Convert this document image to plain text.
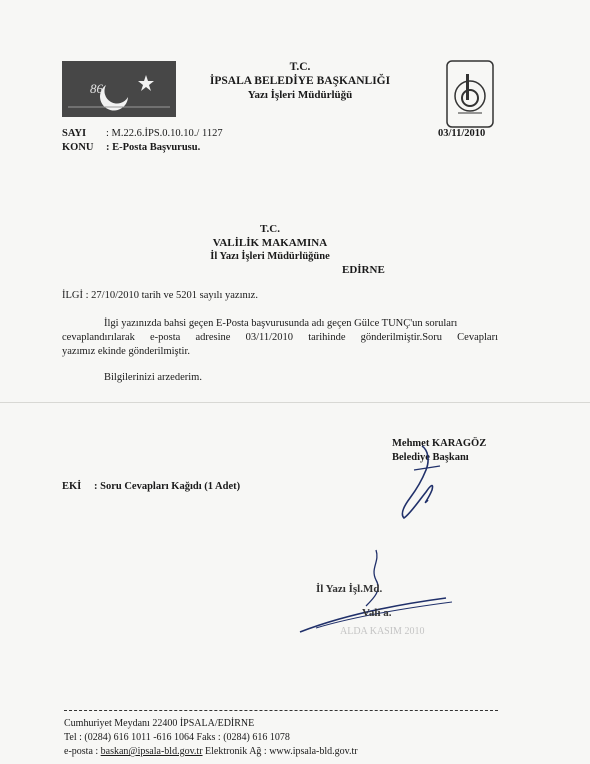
86
T.C.
İPSALA BELEDİYE BAŞKANLIĞI
Yazı İşleri Müdürlüğü
SAYI : M.22.6.İPS.0.10.10./ 1127
KONU : E-Posta Başvurusu.
03/11/2010
T.C.
VALİLİK MAKAMINA
İl Yazı İşleri Müdürlüğüne
EDİRNE
İLGİ : 27/10/2010 tarih ve 5201 sayılı yazınız.
İlgi yazınızda bahsi geçen E-Posta başvurusunda adı geçen Gülce TUNÇ'un soruları
cevaplandırılarak e-posta adresine 03/11/2010 tarihinde gönderilmiştir.Soru Cevapları
yazımız ekinde gönderilmiştir.
Bilgilerinizi arzederim.
Mehmet KARAGÖZ
Belediye Başkanı
EKİ : Soru Cevapları Kağıdı (1 Adet)
İl Yazı İşl.Md.
Vali a.
ALDA KASIM 2010
Cumhuriyet Meydanı 22400 İPSALA/EDİRNE
Tel : (0284) 616 1011 -616 1064 Faks : (0284) 616 1078
e-posta : baskan@ipsala-bld.gov.tr Elektronik Ağ : www.ipsala-bld.gov.tr
